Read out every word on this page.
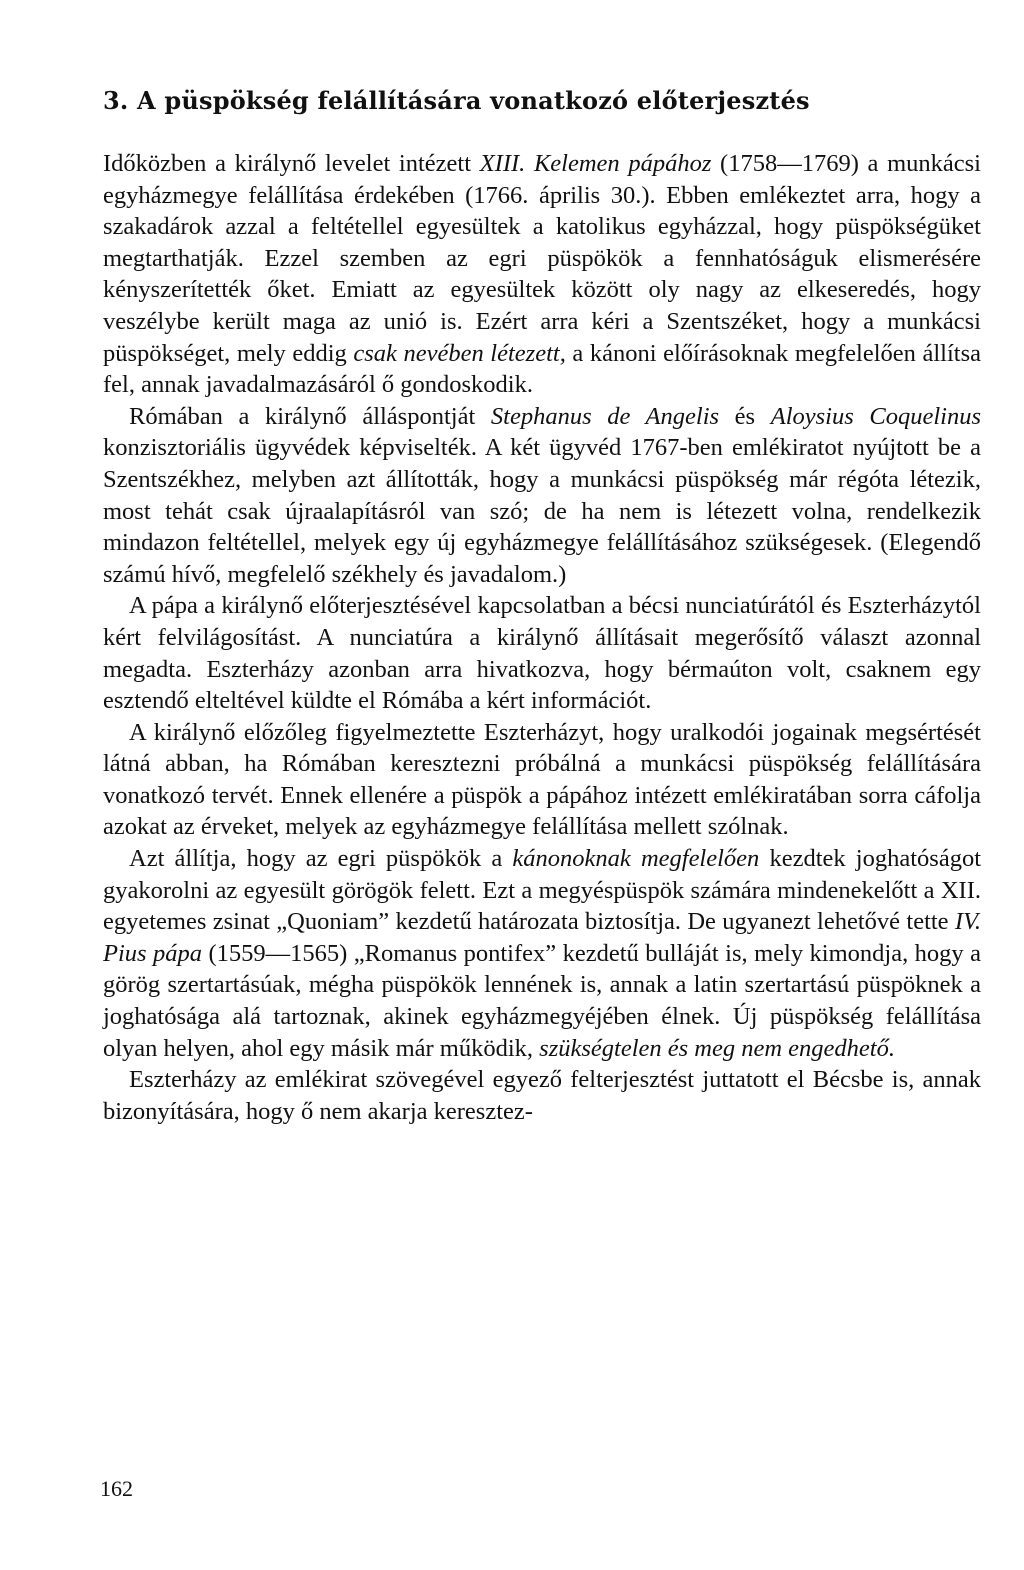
3. A püspökség felállítására vonatkozó előterjesztés

Időközben a királynő levelet intézett XIII. Kelemen pápához (1758—1769) a munkácsi egyházmegye felállítása érdekében (1766. április 30.). Ebben emlékeztet arra, hogy a szakadárok azzal a feltétellel egyesültek a katolikus egyházzal, hogy püspökségüket megtarthatják. Ezzel szemben az egri püspökök a fennhatóságuk elismerésére kényszerítették őket. Emiatt az egyesültek között oly nagy az elkeseredés, hogy veszélybe került maga az unió is. Ezért arra kéri a Szentszéket, hogy a munkácsi püspökséget, mely eddig csak nevében létezett, a kánoni előírásoknak megfelelően állítsa fel, annak javadalmazásáról ő gondoskodik.

Rómában a királynő álláspontját Stephanus de Angelis és Aloysius Coquelinus konzisztoriális ügyvédek képviselték. A két ügyvéd 1767-ben emlékiratot nyújtott be a Szentszékhez, melyben azt állították, hogy a munkácsi püspökség már régóta létezik, most tehát csak újraalapításról van szó; de ha nem is létezett volna, rendelkezik mindazon feltétellel, melyek egy új egyházmegye felállításához szükségesek. (Elegendő számú hívő, megfelelő székhely és javadalom.)

A pápa a királynő előterjesztésével kapcsolatban a bécsi nunciatúrától és Eszterházytól kért felvilágosítást. A nunciatúra a királynő állításait megerősítő választ azonnal megadta. Eszterházy azonban arra hivatkozva, hogy bérmaúton volt, csaknem egy esztendő elteltével küldte el Rómába a kért információt.

A királynő előzőleg figyelmeztette Eszterházyt, hogy uralkodói jogainak megsértését látná abban, ha Rómában keresztezni próbálná a munkácsi püspökség felállítására vonatkozó tervét. Ennek ellenére a püspök a pápához intézett emlékiratában sorra cáfolja azokat az érveket, melyek az egyházmegye felállítása mellett szólnak.

Azt állítja, hogy az egri püspökök a kánonoknak megfelelően kezdtek joghatóságot gyakorolni az egyesült görögök felett. Ezt a megyéspüspök számára mindenekelőtt a XII. egyetemes zsinat „Quoniam” kezdetű határozata biztosítja. De ugyanezt lehetővé tette IV. Pius pápa (1559—1565) „Romanus pontifex” kezdetű bulláját is, mely kimondja, hogy a görög szertartásúak, mégha püspökök lennének is, annak a latin szertartású püspöknek a joghatósága alá tartoznak, akinek egyházmegyéjében élnek. Új püspökség felállítása olyan helyen, ahol egy másik már működik, szükségtelen és meg nem engedhető.

Eszterházy az emlékirat szövegével egyező felterjesztést juttatott el Bécsbe is, annak bizonyítására, hogy ő nem akarja keresztez-

162
